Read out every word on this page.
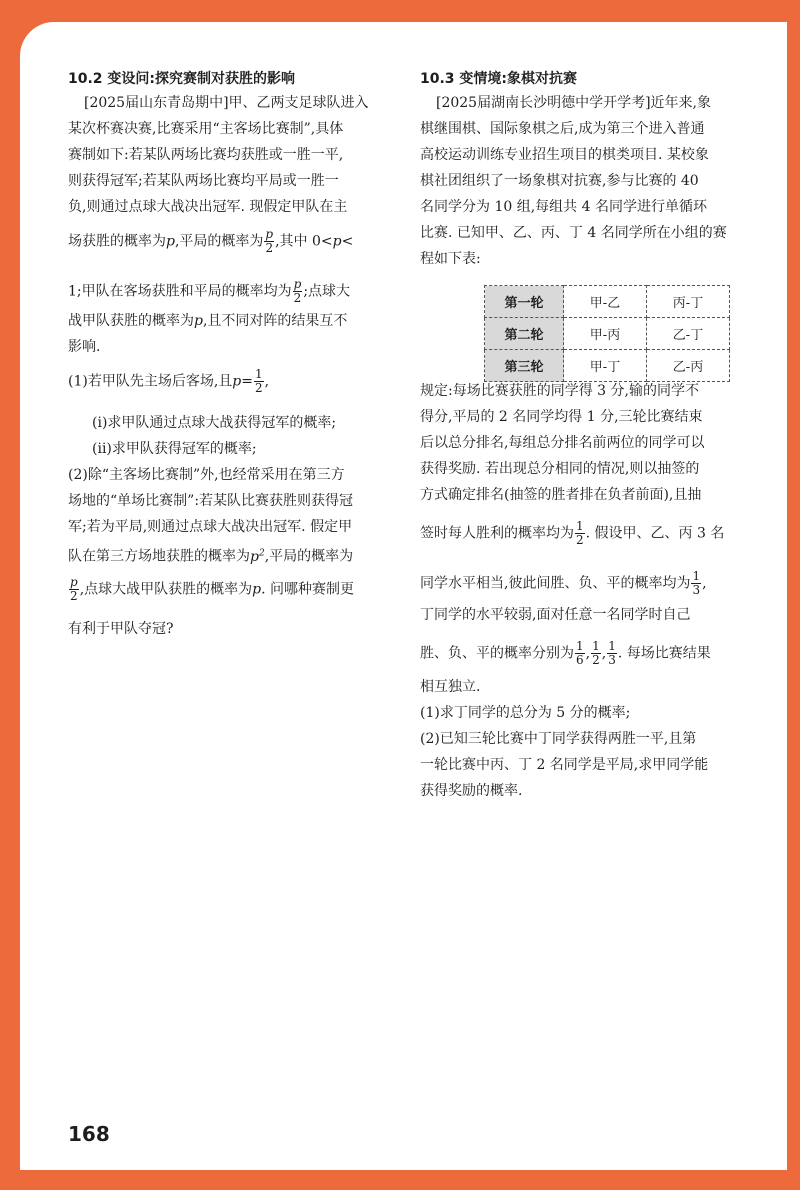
10.2 变设问:探究赛制对获胜的影响
[2025届山东青岛期中]甲、乙两支足球队进入
某次杯赛决赛,比赛采用“主客场比赛制”,具体
赛制如下:若某队两场比赛均获胜或一胜一平,
则获得冠军;若某队两场比赛均平局或一胜一
负,则通过点球大战决出冠军. 现假定甲队在主
场获胜的概率为p,平局的概率为 $\frac{p}{2}$ ,其中 0<p<
1;甲队在客场获胜和平局的概率均为 $\frac{p}{2}$ ;点球大
战甲队获胜的概率为p,且不同对阵的结果互不
影响.
(1)若甲队先主场后客场,且$p= \frac{1}{2}$ ,
(ⅰ)求甲队通过点球大战获得冠军的概率;
(ⅱ)求甲队获得冠军的概率;
(2)除“主客场比赛制”外,也经常采用在第三方
场地的“单场比赛制”:若某队比赛获胜则获得冠
军;若为平局,则通过点球大战决出冠军. 假定甲
队在第三方场地获胜的概率为$p^2$,平局的概率为
$\frac{p}{2}$ ,点球大战甲队获胜的概率为p. 问哪种赛制更
有利于甲队夺冠?
10.3 变情境:象棋对抗赛
[2025届湖南长沙明德中学开学考]近年来,象
棋继围棋、国际象棋之后,成为第三个进入普通
高校运动训练专业招生项目的棋类项目. 某校象
棋社团组织了一场象棋对抗赛,参与比赛的 40
名同学分为 10 组,每组共 4 名同学进行单循环
比赛. 已知甲、乙、丙、丁 4 名同学所在小组的赛
程如下表:
第一轮	甲-乙	丙-丁
第二轮	甲-丙	乙-丁
第三轮	甲-丁	乙-丙
规定:每场比赛获胜的同学得 3 分,输的同学不
得分,平局的 2 名同学均得 1 分,三轮比赛结束
后以总分排名,每组总分排名前两位的同学可以
获得奖励. 若出现总分相同的情况,则以抽签的
方式确定排名(抽签的胜者排在负者前面),且抽
签时每人胜利的概率均为 $\frac{1}{2}$ . 假设甲、乙、丙 3 名
同学水平相当,彼此间胜、负、平的概率均为 $\frac{1}{3}$ ,
丁同学的水平较弱,面对任意一名同学时自己
胜、负、平的概率分别为 $\frac{1}{6}$ , $\frac{1}{2}$ , $\frac{1}{3}$ . 每场比赛结果
相互独立.
(1)求丁同学的总分为 5 分的概率;
(2)已知三轮比赛中丁同学获得两胜一平,且第
一轮比赛中丙、丁 2 名同学是平局,求甲同学能
获得奖励的概率.
168
